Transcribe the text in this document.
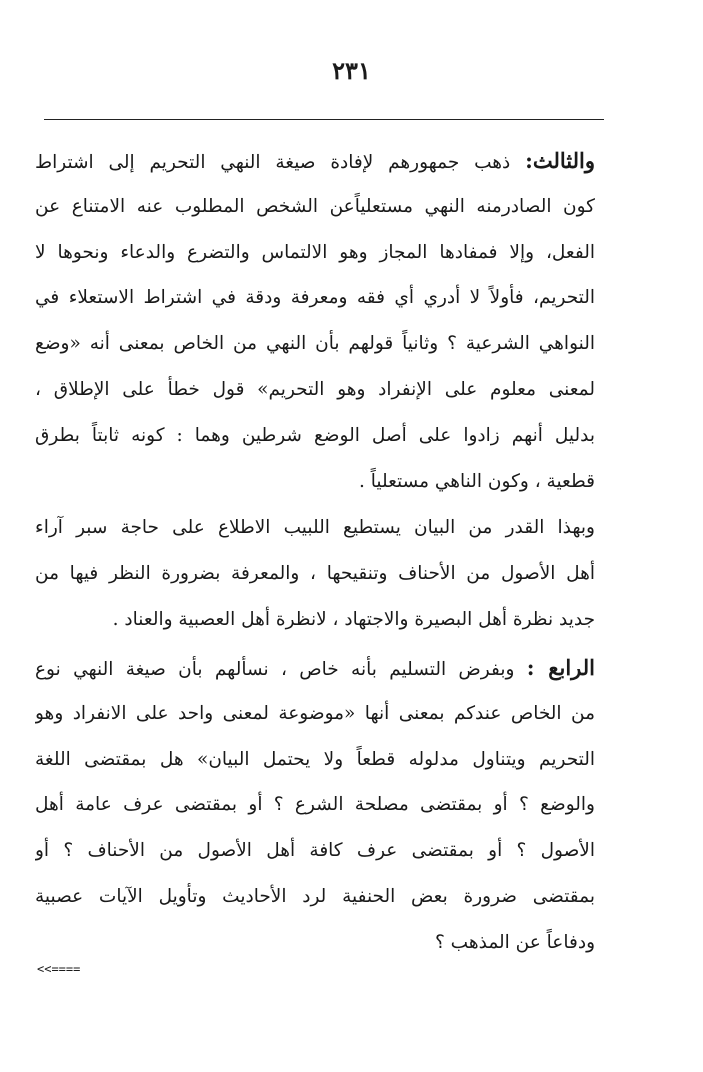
٢٣١
والثالث: ذهب جمهورهم لإفادة صيغة النهي التحريم إلى اشتراط
كون الصادرمنه النهي مستعلياًعن الشخص المطلوب عنه الامتناع عن
الفعل، وإلا فمفادها المجاز وهو الالتماس والتضرع والدعاء ونحوها لا
التحريم، فأولاً لا أدري أي فقه ومعرفة ودقة في اشتراط الاستعلاء في
النواهي الشرعية ؟ وثانياً قولهم بأن النهي من الخاص بمعنى أنه «وضع
لمعنى معلوم على الإنفراد وهو التحريم» قول خطأ على الإطلاق ،
بدليل أنهم زادوا على أصل الوضع شرطين وهما : كونه ثابتاً بطرق
قطعية ، وكون الناهي مستعلياً .
وبهذا القدر من البيان يستطيع اللبيب الاطلاع على حاجة سبر آراء
أهل الأصول من الأحناف وتنقيحها ، والمعرفة بضرورة النظر فيها من
جديد نظرة أهل البصيرة والاجتهاد ، لانظرة أهل العصبية والعناد .
الرابع : وبفرض التسليم بأنه خاص ، نسألهم بأن صيغة النهي نوع
من الخاص عندكم بمعنى أنها «موضوعة لمعنى واحد على الانفراد وهو
التحريم ويتناول مدلوله قطعاً ولا يحتمل البيان» هل بمقتضى اللغة
والوضع ؟ أو بمقتضى مصلحة الشرع ؟ أو بمقتضى عرف عامة أهل
الأصول ؟ أو بمقتضى عرف كافة أهل الأصول من الأحناف ؟ أو
بمقتضى ضرورة بعض الحنفية لرد الأحاديث وتأويل الآيات عصبية
ودفاعاً عن المذهب ؟
<<====
